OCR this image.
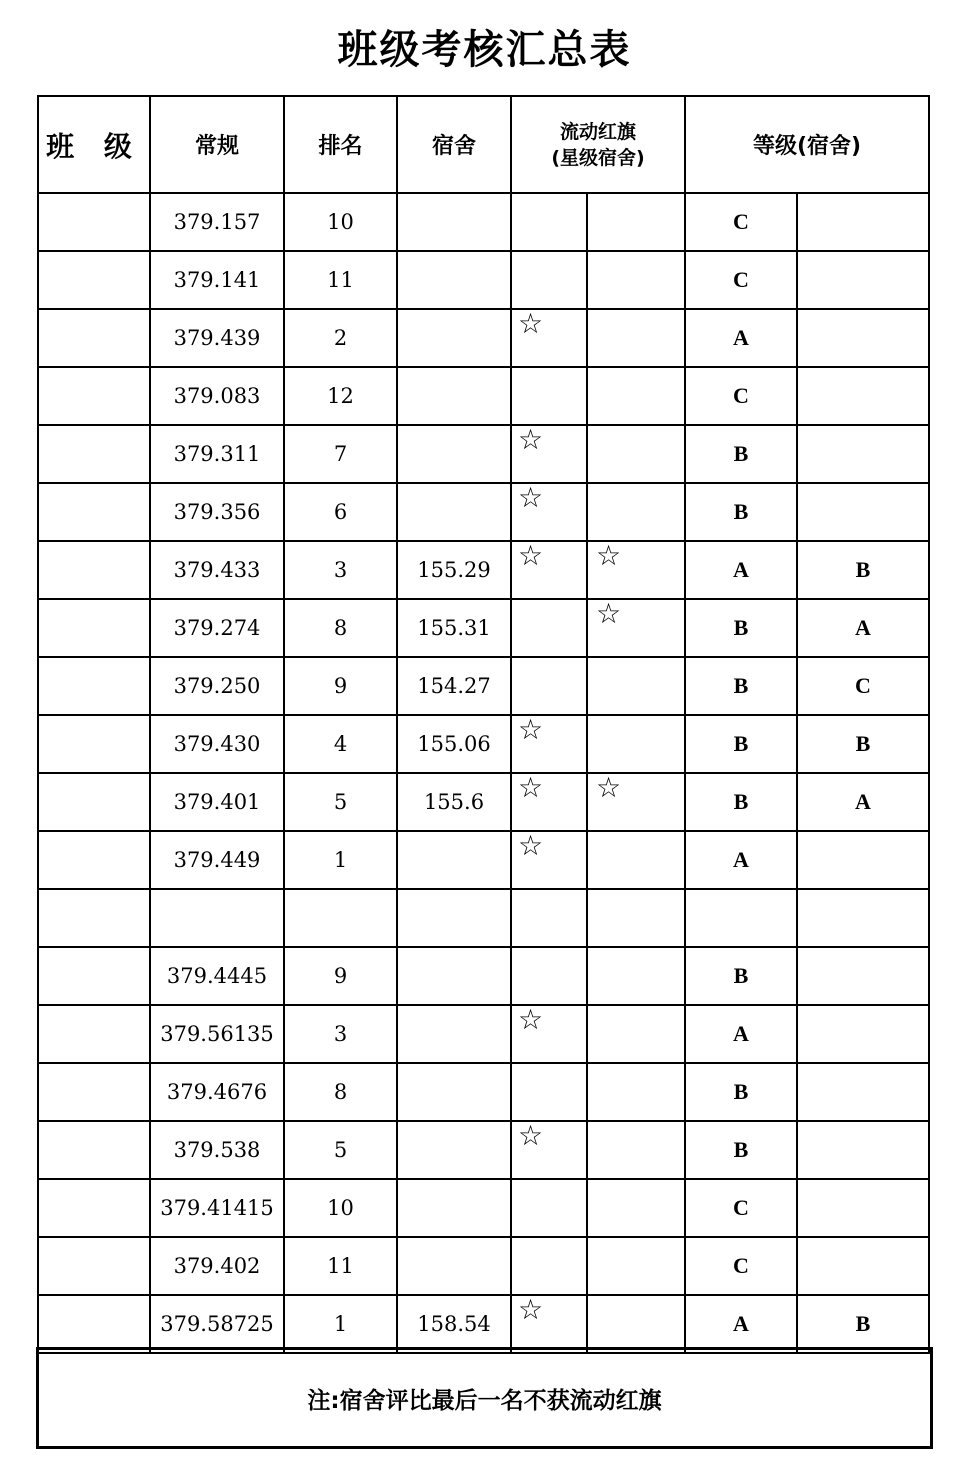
班级考核汇总表
班 级	常规	排名	宿舍	流动红旗
(星级宿舍)		等级(宿舍)	
	379.157	10				C	
	379.141	11				C	
	379.439	2		☆		A	
	379.083	12				C	
	379.311	7		☆		B	
	379.356	6		☆		B	
	379.433	3	155.29	☆	☆	A	B
	379.274	8	155.31		☆	B	A
	379.250	9	154.27			B	C
	379.430	4	155.06	☆		B	B
	379.401	5	155.6	☆	☆	B	A
	379.449	1		☆		A	

	379.4445	9				B	
	379.56135	3		☆		A	
	379.4676	8				B	
	379.538	5		☆		B	
	379.41415	10				C	
	379.402	11				C	
	379.58725	1	158.54	☆		A	B
注:宿舍评比最后一名不获流动红旗
